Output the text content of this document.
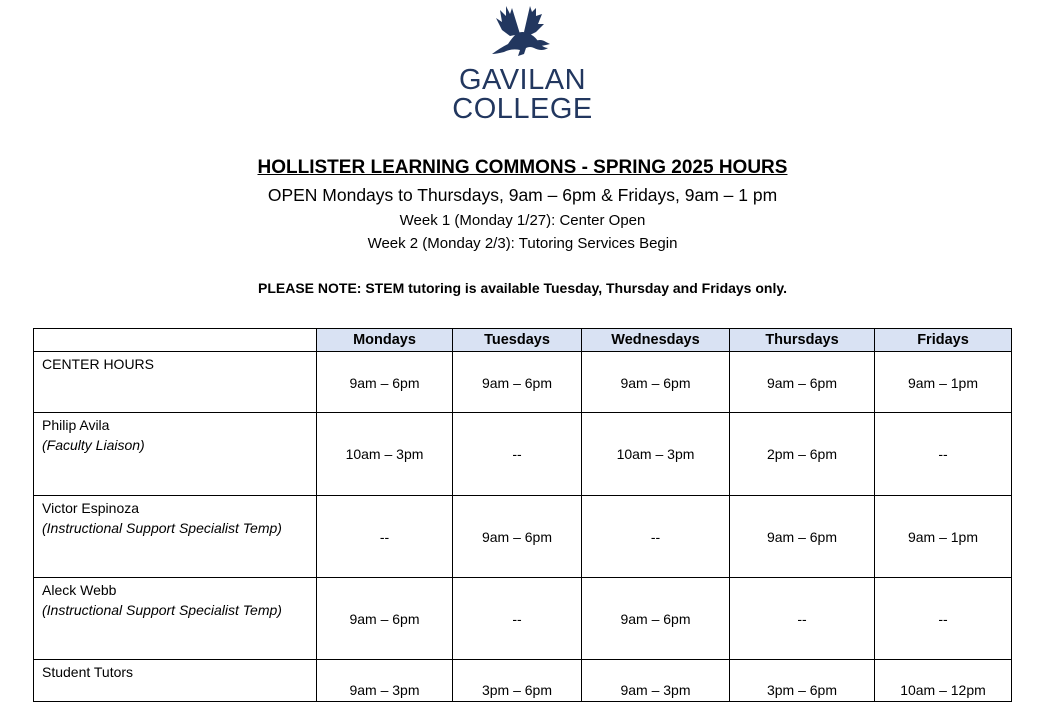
GAVILAN
COLLEGE
HOLLISTER LEARNING COMMONS - SPRING 2025 HOURS
OPEN Mondays to Thursdays, 9am – 6pm & Fridays, 9am – 1 pm
Week 1 (Monday 1/27): Center Open
Week 2 (Monday 2/3): Tutoring Services Begin
PLEASE NOTE: STEM tutoring is available Tuesday, Thursday and Fridays only.
	Mondays	Tuesdays	Wednesdays	Thursdays	Fridays

CENTER HOURS	9am – 6pm	9am – 6pm	9am – 6pm	9am – 6pm	9am – 1pm

Philip Avila
(Faculty Liaison)	10am – 3pm	--	10am – 3pm	2pm – 6pm	--

Victor Espinoza
(Instructional Support Specialist Temp)	--	9am – 6pm	--	9am – 6pm	9am – 1pm

Aleck Webb
(Instructional Support Specialist Temp)	9am – 6pm	--	9am – 6pm	--	--

Student Tutors	9am – 3pm	3pm – 6pm	9am – 3pm	3pm – 6pm	10am – 12pm
